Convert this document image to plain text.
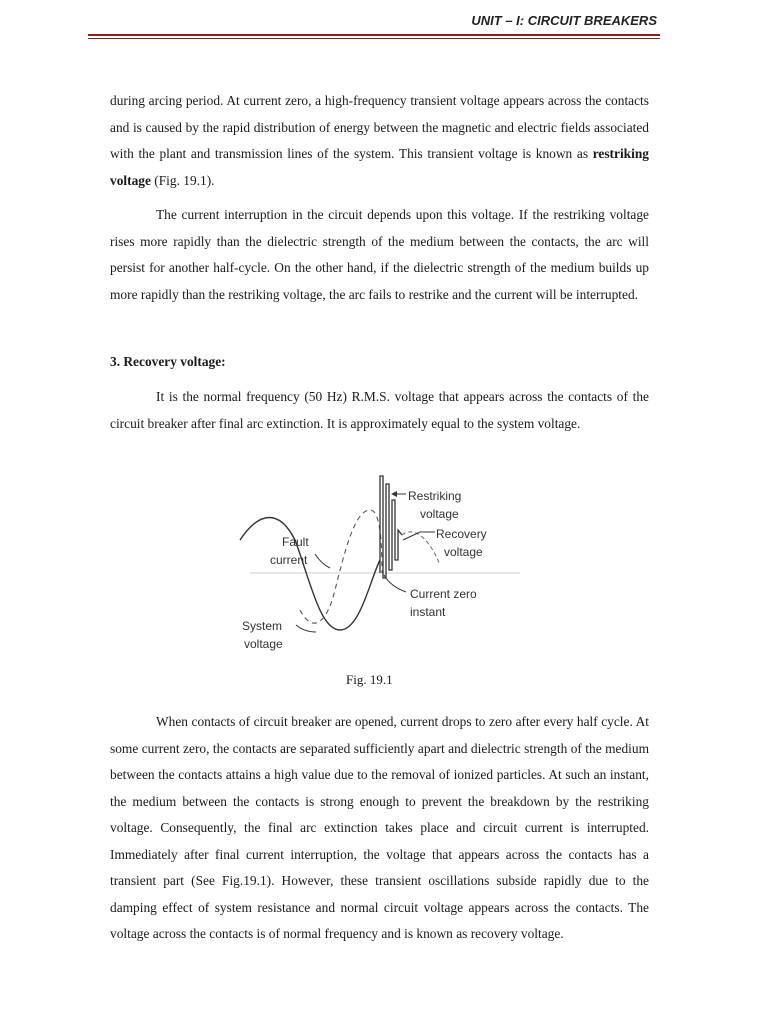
UNIT – I: CIRCUIT BREAKERS

during arcing period. At current zero, a high-frequency transient voltage appears across the contacts and is caused by the rapid distribution of energy between the magnetic and electric fields associated with the plant and transmission lines of the system. This transient voltage is known as restriking voltage (Fig. 19.1).

The current interruption in the circuit depends upon this voltage. If the restriking voltage rises more rapidly than the dielectric strength of the medium between the contacts, the arc will persist for another half-cycle. On the other hand, if the dielectric strength of the medium builds up more rapidly than the restriking voltage, the arc fails to restrike and the current will be interrupted.

3. Recovery voltage:

It is the normal frequency (50 Hz) R.M.S. voltage that appears across the contacts of the circuit breaker after final arc extinction. It is approximately equal to the system voltage.

Restriking
voltage
Recovery
voltage
Fault
current
Current zero
instant
System
voltage
Fig. 19.1

When contacts of circuit breaker are opened, current drops to zero after every half cycle. At some current zero, the contacts are separated sufficiently apart and dielectric strength of the medium between the contacts attains a high value due to the removal of ionized particles. At such an instant, the medium between the contacts is strong enough to prevent the breakdown by the restriking voltage. Consequently, the final arc extinction takes place and circuit current is interrupted. Immediately after final current interruption, the voltage that appears across the contacts has a transient part (See Fig.19.1). However, these transient oscillations subside rapidly due to the damping effect of system resistance and normal circuit voltage appears across the contacts. The voltage across the contacts is of normal frequency and is known as recovery voltage.
